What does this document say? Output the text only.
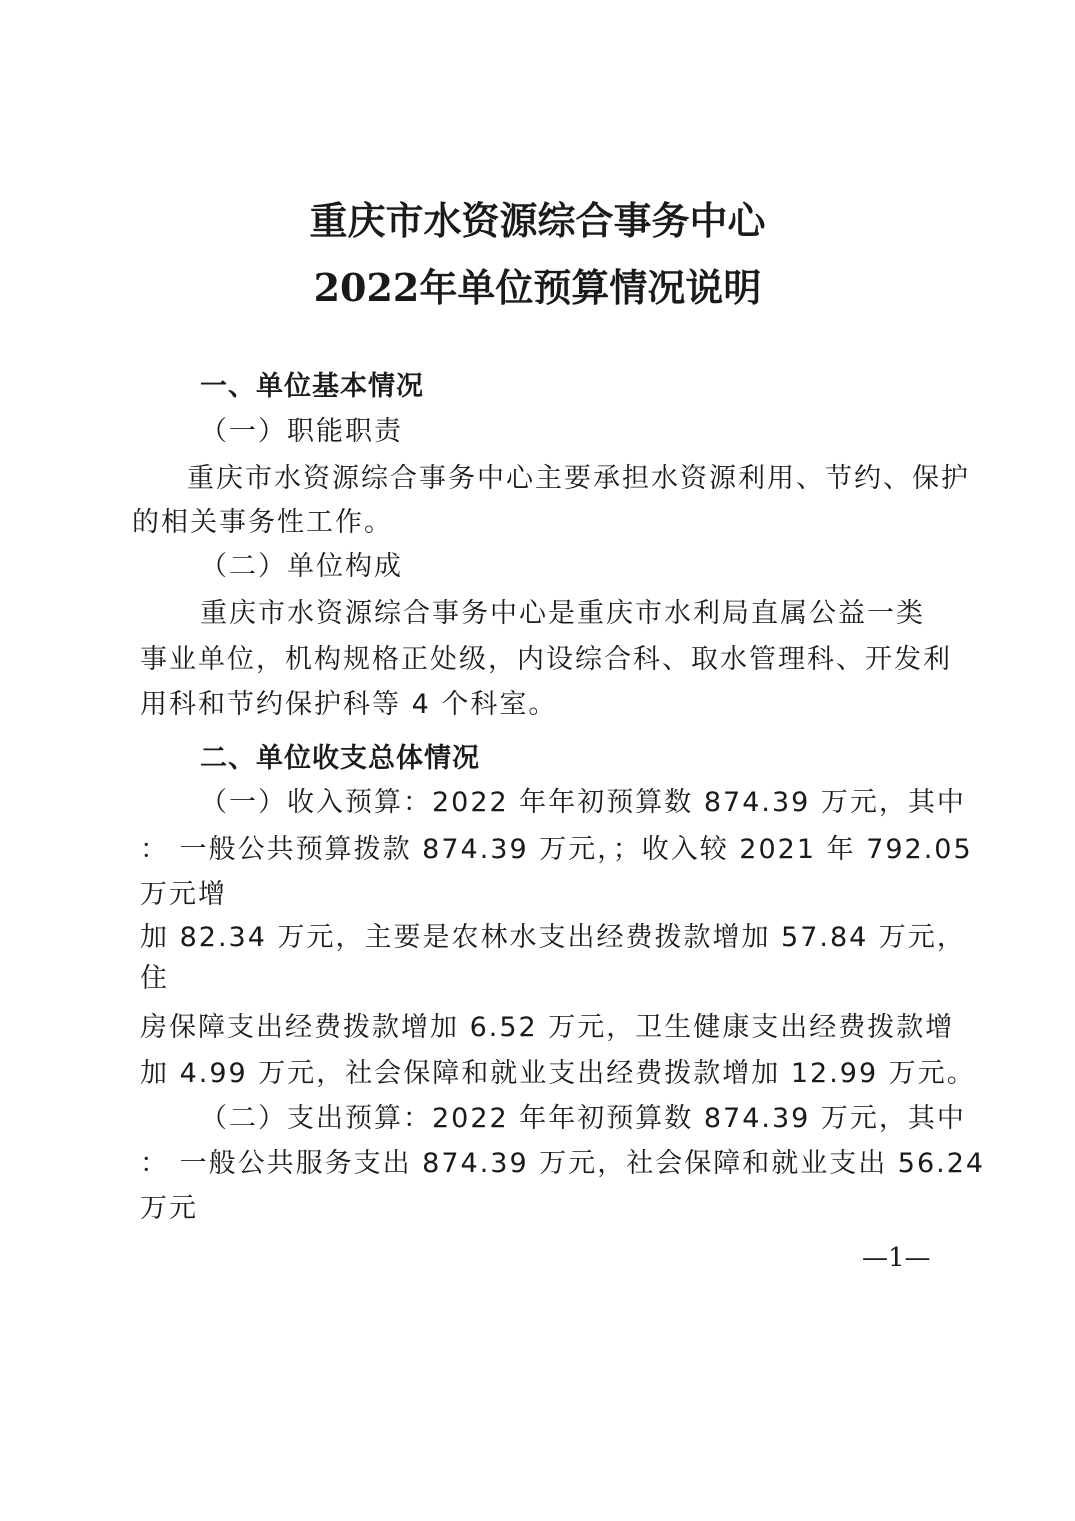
重庆市水资源综合事务中心
2022年单位预算情况说明
一、单位基本情况
（一）职能职责
重庆市水资源综合事务中心主要承担水资源利用、节约、保护
的相关事务性工作。
（二）单位构成
重庆市水资源综合事务中心是重庆市水利局直属公益一类
事业单位，机构规格正处级，内设综合科、取水管理科、开发利
用科和节约保护科等 4 个科室。
二、单位收支总体情况
（一）收入预算：2022 年年初预算数 874.39 万元，其中
： 一般公共预算拨款 874.39 万元，；收入较 2021 年 792.05
万元增
加 82.34 万元，主要是农林水支出经费拨款增加 57.84 万元，
住
房保障支出经费拨款增加 6.52 万元，卫生健康支出经费拨款增
加 4.99 万元，社会保障和就业支出经费拨款增加 12.99 万元。
（二）支出预算：2022 年年初预算数 874.39 万元，其中
： 一般公共服务支出 874.39 万元，社会保障和就业支出 56.24
万元
—1—
